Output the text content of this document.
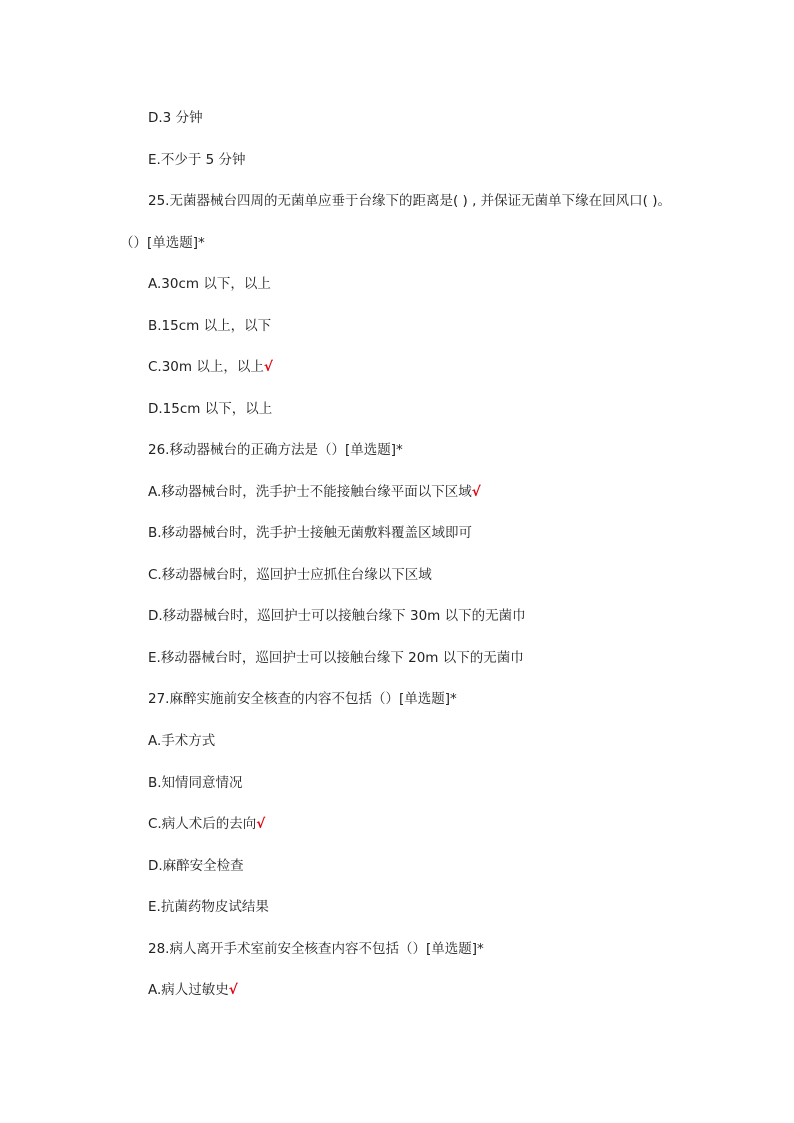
D.3 分钟

E.不少于 5 分钟

25.无菌器械台四周的无菌单应垂于台缘下的距离是( ) , 并保证无菌单下缘在回风口( )。

（）[单选题]*

A.30cm 以下，以上

B.15cm 以上，以下

C.30m 以上，以上√

D.15cm 以下，以上

26.移动器械台的正确方法是（）[单选题]*

A.移动器械台时，洗手护士不能接触台缘平面以下区域√

B.移动器械台时，洗手护士接触无菌敷料覆盖区域即可

C.移动器械台时，巡回护士应抓住台缘以下区域

D.移动器械台时，巡回护士可以接触台缘下 30m 以下的无菌巾

E.移动器械台时，巡回护士可以接触台缘下 20m 以下的无菌巾

27.麻醉实施前安全核查的内容不包括（）[单选题]*

A.手术方式

B.知情同意情况

C.病人术后的去向√

D.麻醉安全检查

E.抗菌药物皮试结果

28.病人离开手术室前安全核查内容不包括（）[单选题]*

A.病人过敏史√
